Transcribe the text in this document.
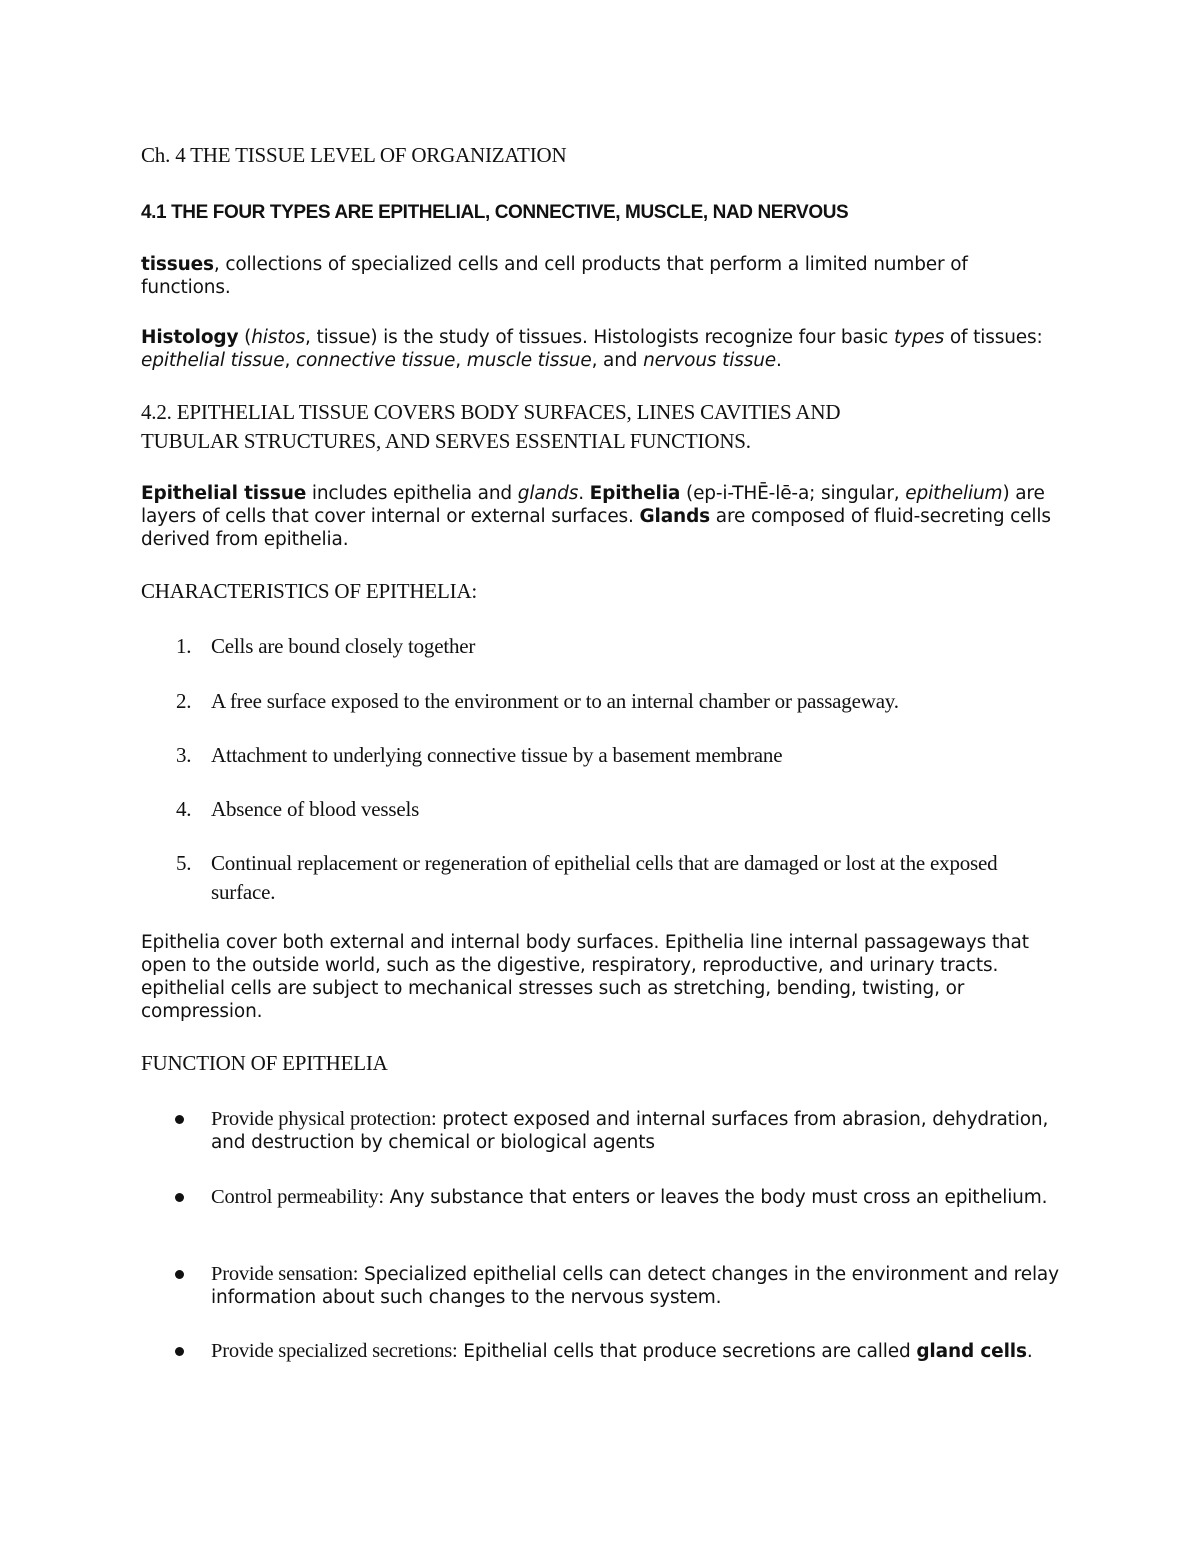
Ch. 4 THE TISSUE LEVEL OF ORGANIZATION

4.1 THE FOUR TYPES ARE EPITHELIAL, CONNECTIVE, MUSCLE, NAD NERVOUS

tissues, collections of specialized cells and cell products that perform a limited number of functions.

Histology (histos, tissue) is the study of tissues. Histologists recognize four basic types of tissues: epithelial tissue, connective tissue, muscle tissue, and nervous tissue.

4.2. EPITHELIAL TISSUE COVERS BODY SURFACES, LINES CAVITIES AND
TUBULAR STRUCTURES, AND SERVES ESSENTIAL FUNCTIONS.

Epithelial tissue includes epithelia and glands. Epithelia (ep-i-THĒ-lē-a; singular, epithelium) are layers of cells that cover internal or external surfaces. Glands are composed of fluid-secreting cells derived from epithelia.

CHARACTERISTICS OF EPITHELIA:

1. Cells are bound closely together
2. A free surface exposed to the environment or to an internal chamber or passageway.
3. Attachment to underlying connective tissue by a basement membrane
4. Absence of blood vessels
5. Continual replacement or regeneration of epithelial cells that are damaged or lost at the exposed surface.

Epithelia cover both external and internal body surfaces. Epithelia line internal passageways that open to the outside world, such as the digestive, respiratory, reproductive, and urinary tracts. epithelial cells are subject to mechanical stresses such as stretching, bending, twisting, or compression.

FUNCTION OF EPITHELIA

Provide physical protection: protect exposed and internal surfaces from abrasion, dehydration, and destruction by chemical or biological agents
Control permeability: Any substance that enters or leaves the body must cross an epithelium.
Provide sensation: Specialized epithelial cells can detect changes in the environment and relay information about such changes to the nervous system.
Provide specialized secretions: Epithelial cells that produce secretions are called gland cells.
